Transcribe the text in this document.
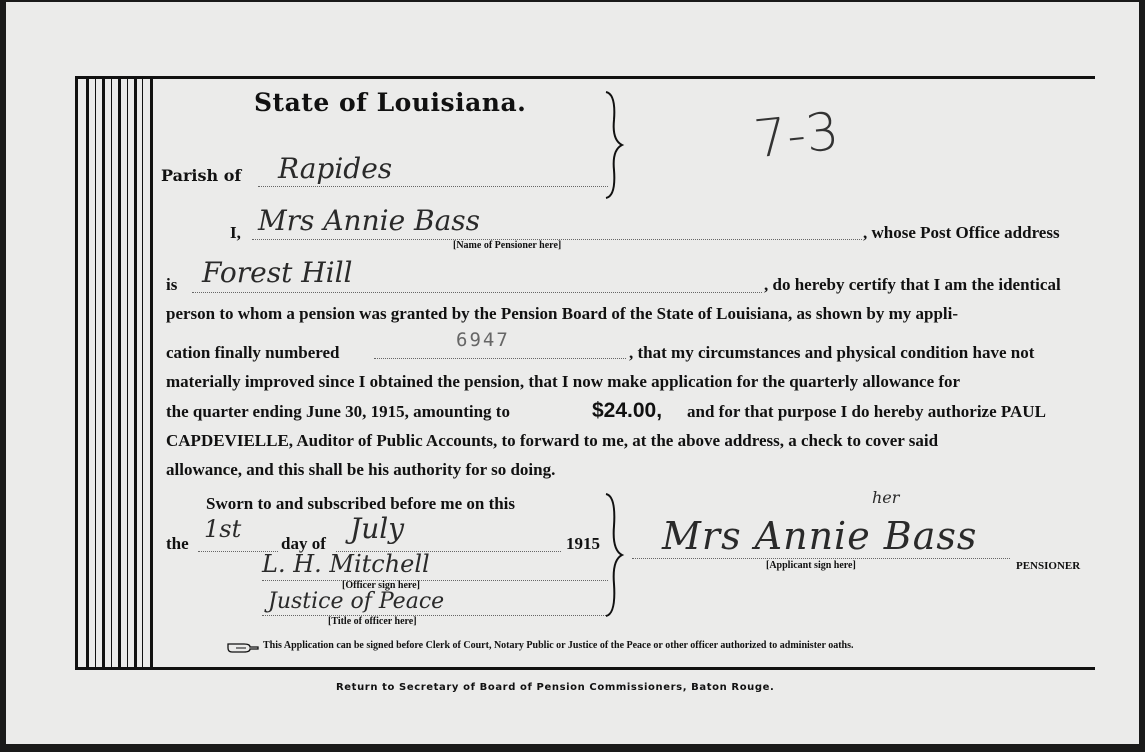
State of Louisiana.
Parish of Rapides	7-3
I, Mrs Annie Bass
[Name of Pensioner here]
, whose Post Office address
is Forest Hill	, do hereby certify that I am the identical
person to whom a pension was granted by the Pension Board of the State of Louisiana, as shown by my appli-
cation finally numbered
6947
, that my circumstances and physical condition have not
materially improved since I obtained the pension, that I now make application for the quarterly allowance for
the quarter ending June 30, 1915, amounting to	$24.00, and for that purpose I do hereby authorize PAUL
CAPDEVIELLE, Auditor of Public Accounts, to forward to me, at the above address, a check to cover said
allowance, and this shall be his authority for so doing.
Sworn to and subscribed before me on this
the
1st
day of July	1915
L. H. Mitchell
[Officer sign here]
Justice of Peace
[Title of officer here]
Mrs Annie Bass
her
[Applicant sign here]	PENSIONER
This Application can be signed before Clerk of Court, Notary Public or Justice of the Peace or other officer authorized to administer oaths.
Return to Secretary of Board of Pension Commissioners, Baton Rouge.
